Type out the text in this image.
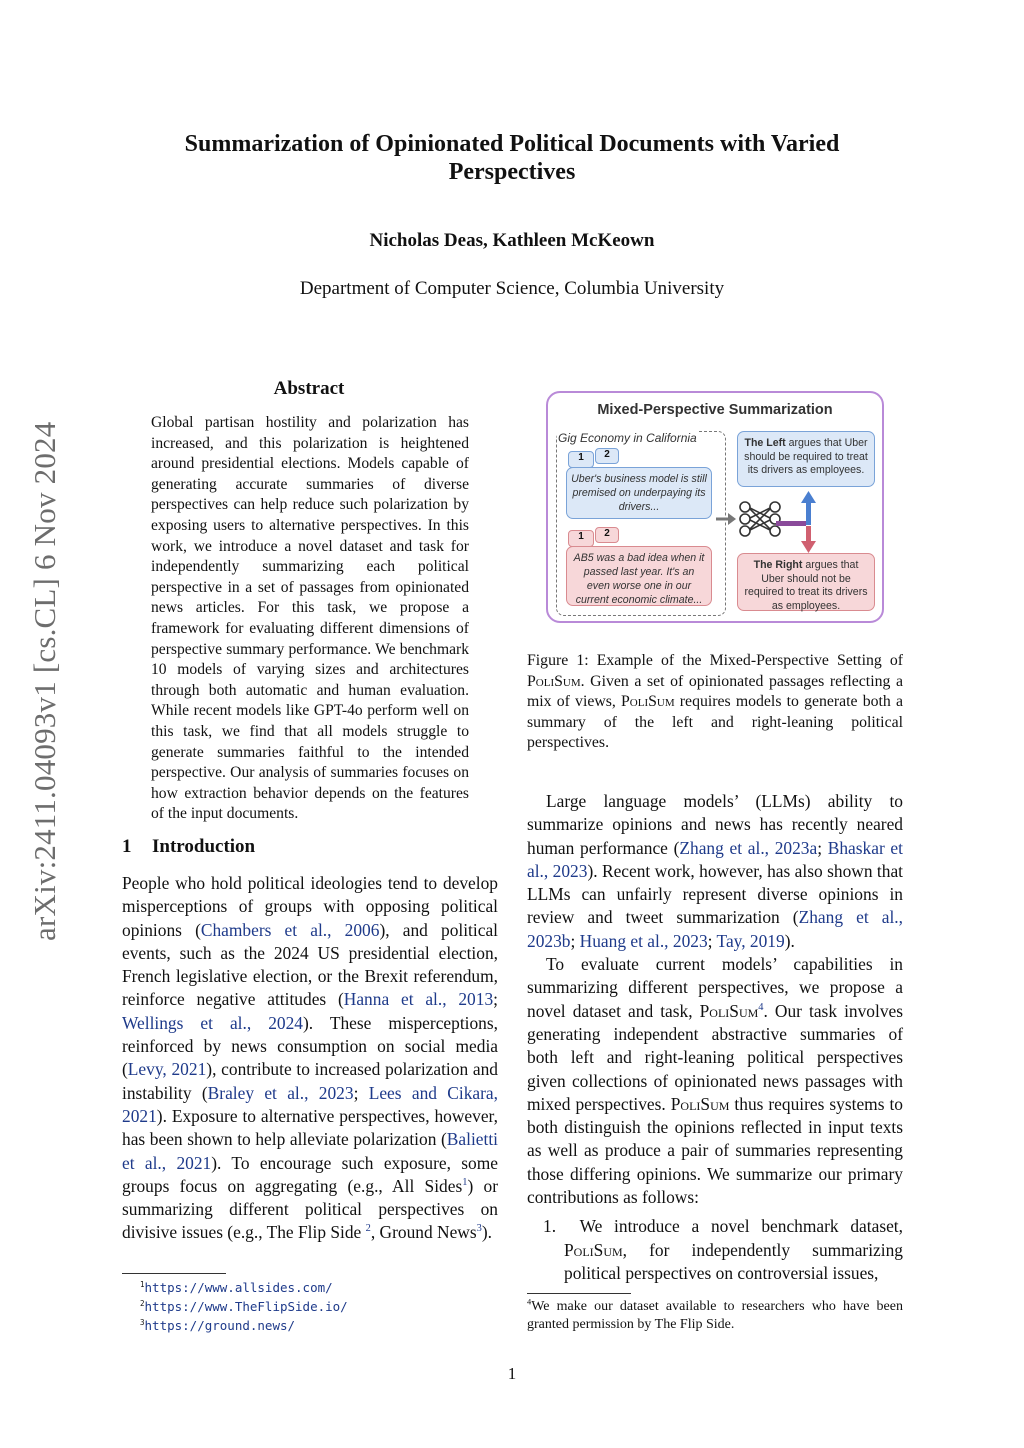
arXiv:2411.04093v1 [cs.CL] 6 Nov 2024
Summarization of Opinionated Political Documents with Varied Perspectives
Nicholas Deas, Kathleen McKeown
Department of Computer Science, Columbia University
Abstract
Global partisan hostility and polarization has increased, and this polarization is heightened around presidential elections. Models capable of generating accurate summaries of diverse perspectives can help reduce such polarization by exposing users to alternative perspectives. In this work, we introduce a novel dataset and task for independently summarizing each political perspective in a set of passages from opinionated news articles. For this task, we propose a framework for evaluating different dimensions of perspective summary performance. We benchmark 10 models of varying sizes and architectures through both automatic and human evaluation. While recent models like GPT-4o perform well on this task, we find that all models struggle to generate summaries faithful to the intended perspective. Our analysis of summaries focuses on how extraction behavior depends on the features of the input documents.
1 Introduction
People who hold political ideologies tend to develop misperceptions of groups with opposing political opinions (Chambers et al., 2006), and political events, such as the 2024 US presidential election, French legislative election, or the Brexit referendum, reinforce negative attitudes (Hanna et al., 2013; Wellings et al., 2024). These misperceptions, reinforced by news consumption on social media (Levy, 2021), contribute to increased polarization and instability (Braley et al., 2023; Lees and Cikara, 2021). Exposure to alternative perspectives, however, has been shown to help alleviate polarization (Balietti et al., 2021). To encourage such exposure, some groups focus on aggregating (e.g., All Sides$^1$) or summarizing different political perspectives on divisive issues (e.g., The Flip Side $^2$, Ground News$^3$).
$^1$https://www.allsides.com/
$^2$https://www.TheFlipSide.io/
$^3$https://ground.news/
Mixed-Perspective Summarization
Gig Economy in California
2
1
Uber's business model is still premised on underpaying its drivers...
2
1
AB5 was a bad idea when it passed last year. It's an even worse one in our current economic climate...
The Left argues that Uber should be required to treat its drivers as employees.
The Right argues that Uber should not be required to treat its drivers as employees.
Figure 1: Example of the Mixed-Perspective Setting of PoliSum. Given a set of opinionated passages reflecting a mix of views, PoliSum requires models to generate both a summary of the left and right-leaning political perspectives.

Large language models’ (LLMs) ability to summarize opinions and news has recently neared human performance (Zhang et al., 2023a; Bhaskar et al., 2023). Recent work, however, has also shown that LLMs can unfairly represent diverse opinions in review and tweet summarization (Zhang et al., 2023b; Huang et al., 2023; Tay, 2019).

To evaluate current models’ capabilities in summarizing different perspectives, we propose a novel dataset and task, PoliSum$^4$. Our task involves generating independent abstractive summaries of both left and right-leaning political perspectives given collections of opinionated news passages with mixed perspectives. PoliSum thus requires systems to both distinguish the opinions reflected in input texts as well as produce a pair of summaries representing those differing opinions. We summarize our primary contributions as follows:

1. We introduce a novel benchmark dataset, PoliSum, for independently summarizing political perspectives on controversial issues,
$^4$We make our dataset available to researchers who have been granted permission by The Flip Side.
1
